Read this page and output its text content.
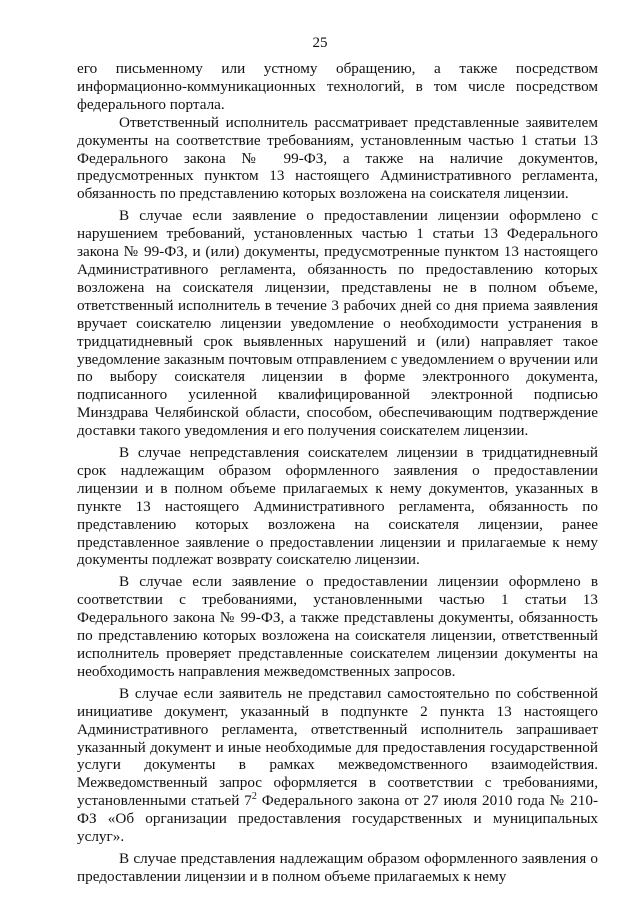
25

его письменному или устному обращению, а также посредством информационно-коммуникационных технологий, в том числе посредством федерального портала.

Ответственный исполнитель рассматривает представленные заявителем документы на соответствие требованиям, установленным частью 1 статьи 13 Федерального закона № 99-ФЗ, а также на наличие документов, предусмотренных пунктом 13 настоящего Административного регламента, обязанность по представлению которых возложена на соискателя лицензии.

В случае если заявление о предоставлении лицензии оформлено с нарушением требований, установленных частью 1 статьи 13 Федерального закона № 99-ФЗ, и (или) документы, предусмотренные пунктом 13 настоящего Административного регламента, обязанность по предоставлению которых возложена на соискателя лицензии, представлены не в полном объеме, ответственный исполнитель в течение 3 рабочих дней со дня приема заявления вручает соискателю лицензии уведомление о необходимости устранения в тридцатидневный срок выявленных нарушений и (или) направляет такое уведомление заказным почтовым отправлением с уведомлением о вручении или по выбору соискателя лицензии в форме электронного документа, подписанного усиленной квалифицированной электронной подписью Минздрава Челябинской области, способом, обеспечивающим подтверждение доставки такого уведомления и его получения соискателем лицензии.

В случае непредставления соискателем лицензии в тридцатидневный срок надлежащим образом оформленного заявления о предоставлении лицензии и в полном объеме прилагаемых к нему документов, указанных в пункте 13 настоящего Административного регламента, обязанность по представлению которых возложена на соискателя лицензии, ранее представленное заявление о предоставлении лицензии и прилагаемые к нему документы подлежат возврату соискателю лицензии.

В случае если заявление о предоставлении лицензии оформлено в соответствии с требованиями, установленными частью 1 статьи 13 Федерального закона № 99-ФЗ, а также представлены документы, обязанность по представлению которых возложена на соискателя лицензии, ответственный исполнитель проверяет представленные соискателем лицензии документы на необходимость направления межведомственных запросов.

В случае если заявитель не представил самостоятельно по собственной инициативе документ, указанный в подпункте 2 пункта 13 настоящего Административного регламента, ответственный исполнитель запрашивает указанный документ и иные необходимые для предоставления государственной услуги документы в рамках межведомственного взаимодействия. Межведомственный запрос оформляется в соответствии с требованиями, установленными статьей $7^2$ Федерального закона от 27 июля 2010 года № 210-ФЗ «Об организации предоставления государственных и муниципальных услуг».

В случае представления надлежащим образом оформленного заявления о предоставлении лицензии и в полном объеме прилагаемых к нему
